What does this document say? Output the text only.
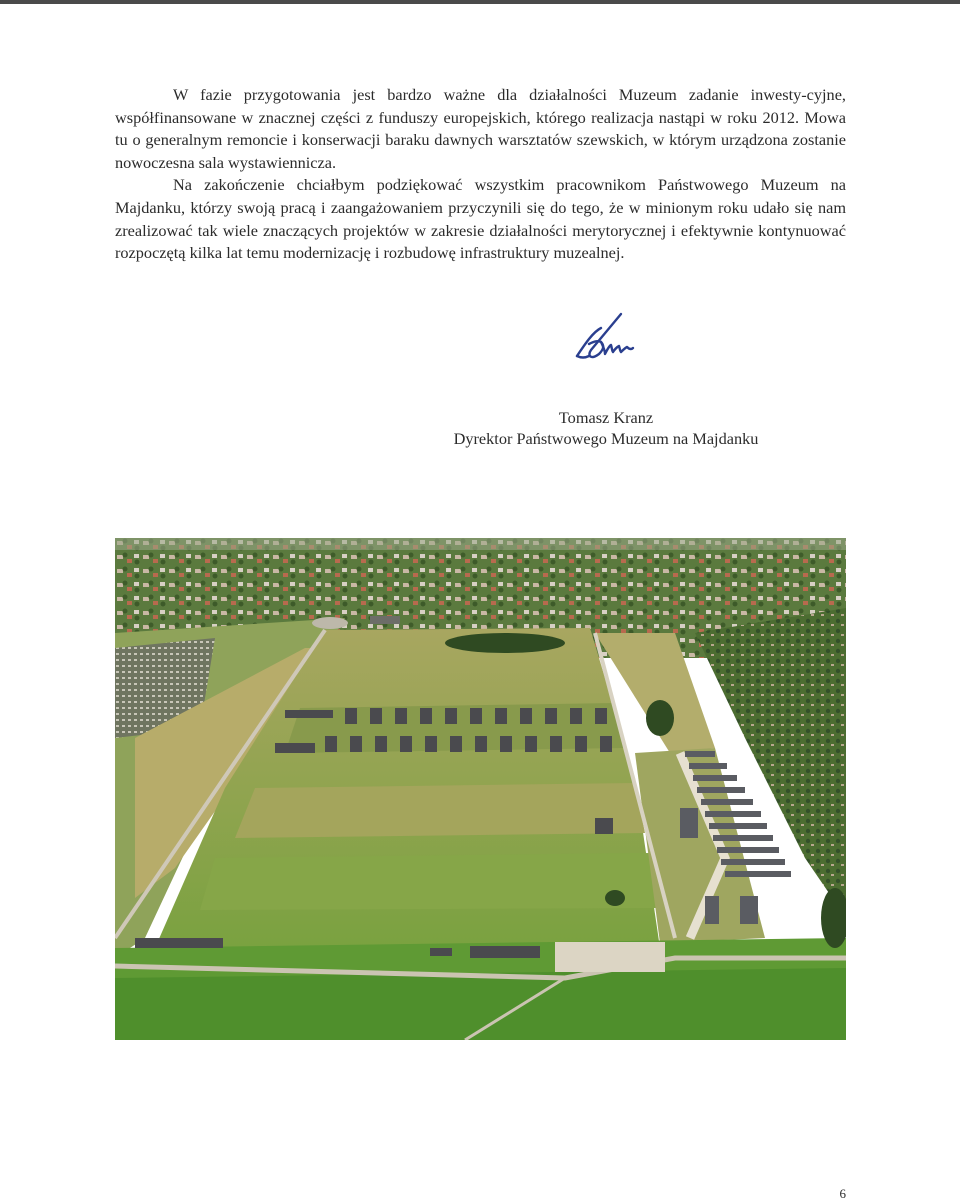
W fazie przygotowania jest bardzo ważne dla działalności Muzeum zadanie inwesty-cyjne, współfinansowane w znacznej części z funduszy europejskich, którego realizacja nastąpi w roku 2012. Mowa tu o generalnym remoncie i konserwacji baraku dawnych warsztatów szewskich, w którym urządzona zostanie nowoczesna sala wystawiennicza.

Na zakończenie chciałbym podziękować wszystkim pracownikom Państwowego Muzeum na Majdanku, którzy swoją pracą i zaangażowaniem przyczynili się do tego, że w minionym roku udało się nam zrealizować tak wiele znaczących projektów w zakresie działalności merytorycznej i efektywnie kontynuować rozpoczętą kilka lat temu modernizację i rozbudowę infrastruktury muzealnej.

Tomasz Kranz
Dyrektor Państwowego Muzeum na Majdanku
6
